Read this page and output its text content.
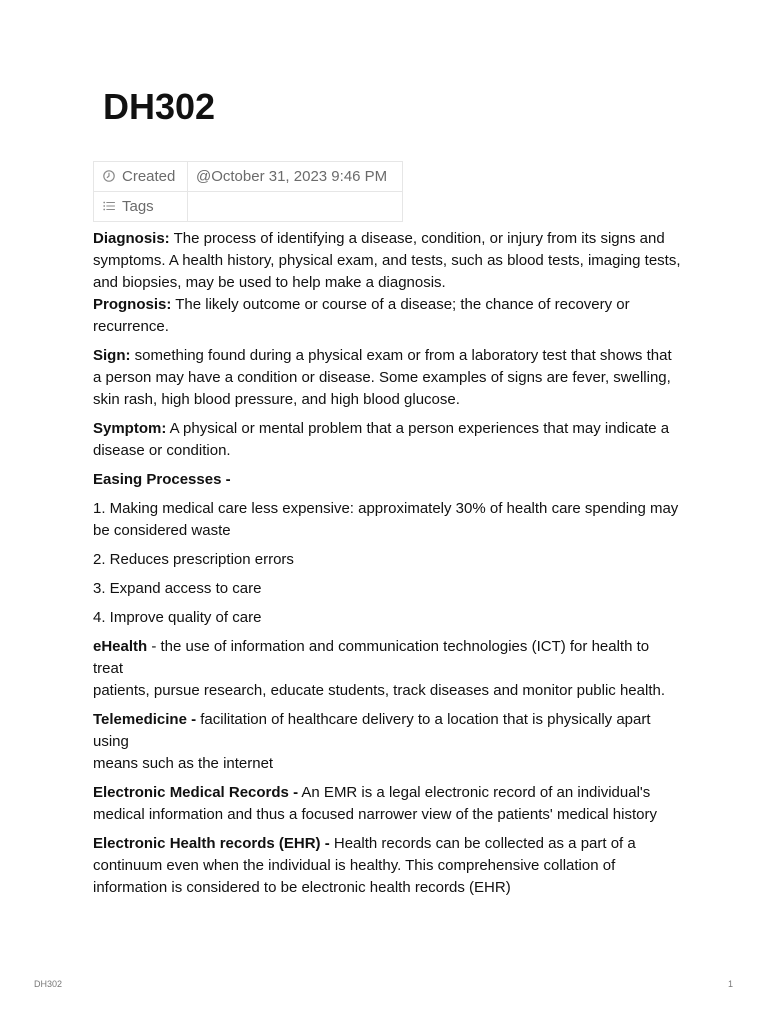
DH302
Created	@October 31, 2023 9:46 PM
Tags	

Diagnosis: The process of identifying a disease, condition, or injury from its signs and symptoms. A health history, physical exam, and tests, such as blood tests, imaging tests, and biopsies, may be used to help make a diagnosis.

Prognosis: The likely outcome or course of a disease; the chance of recovery or recurrence.

Sign: something found during a physical exam or from a laboratory test that shows that a person may have a condition or disease. Some examples of signs are fever, swelling, skin rash, high blood pressure, and high blood glucose.

Symptom: A physical or mental problem that a person experiences that may indicate a disease or condition.

Easing Processes -

1. Making medical care less expensive: approximately 30% of health care spending may be considered waste

2. Reduces prescription errors

3. Expand access to care

4. Improve quality of care

eHealth - the use of information and communication technologies (ICT) for health to treat
patients, pursue research, educate students, track diseases and monitor public health.

Telemedicine - facilitation of healthcare delivery to a location that is physically apart using
means such as the internet

Electronic Medical Records - An EMR is a legal electronic record of an individual's medical information and thus a focused narrower view of the patients' medical history

Electronic Health records (EHR) - Health records can be collected as a part of a continuum even when the individual is healthy. This comprehensive collation of information is considered to be electronic health records (EHR)

DH302	1
